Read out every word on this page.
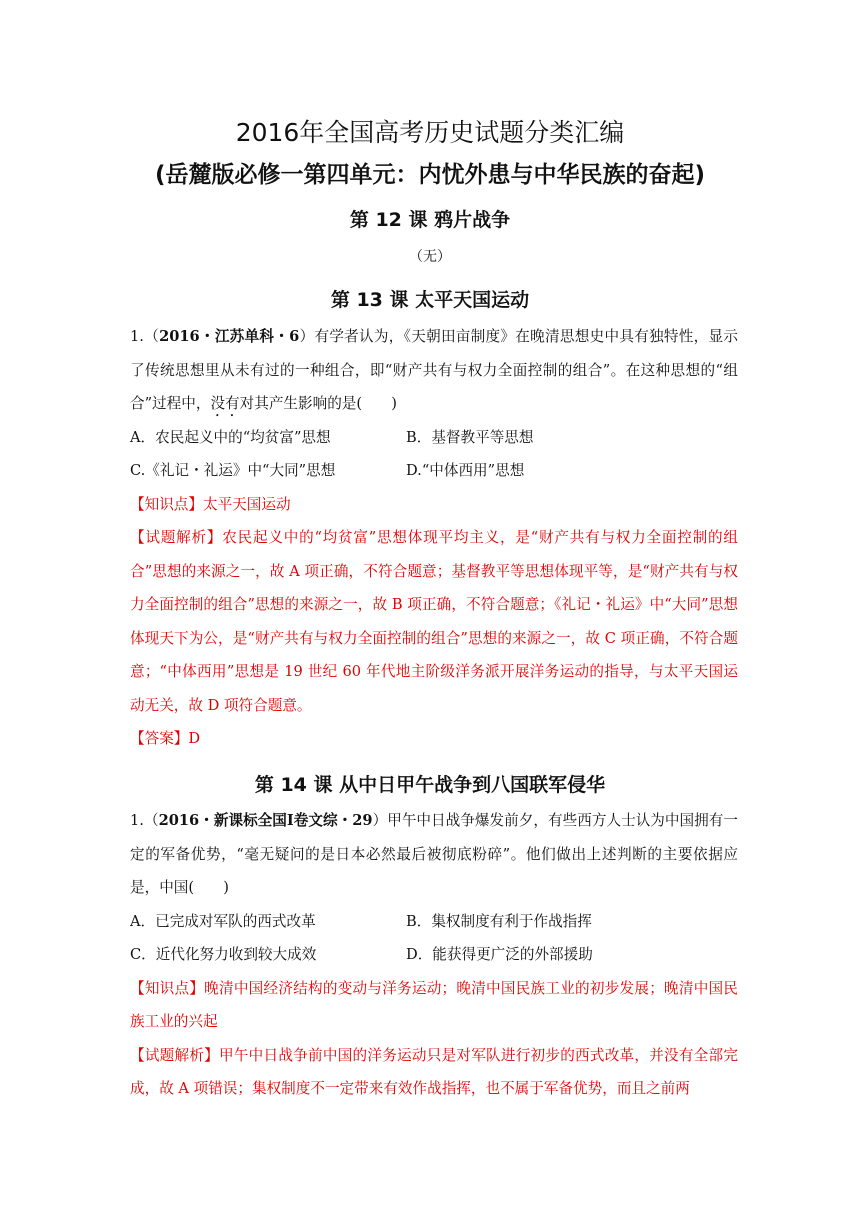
2016年全国高考历史试题分类汇编
(岳麓版必修一第四单元：内忧外患与中华民族的奋起)
第 12 课 鸦片战争
（无）
第 13 课 太平天国运动

1.（2016・江苏单科・6）有学者认为，《天朝田亩制度》在晚清思想史中具有独特性，显示了传统思想里从未有过的一种组合，即“财产共有与权力全面控制的组合”。在这种思想的“组合”过程中，没有对其产生影响的是(　　)

A．农民起义中的“均贫富”思想	B．基督教平等思想
C.《礼记・礼运》中“大同”思想	D.“中体西用”思想

【知识点】太平天国运动

【试题解析】农民起义中的“均贫富”思想体现平均主义，是“财产共有与权力全面控制的组合”思想的来源之一，故 A 项正确，不符合题意；基督教平等思想体现平等，是“财产共有与权力全面控制的组合”思想的来源之一，故 B 项正确，不符合题意；《礼记・礼运》中“大同”思想体现天下为公，是“财产共有与权力全面控制的组合”思想的来源之一，故 C 项正确，不符合题意；“中体西用”思想是 19 世纪 60 年代地主阶级洋务派开展洋务运动的指导，与太平天国运动无关，故 D 项符合题意。

【答案】D

第 14 课 从中日甲午战争到八国联军侵华

1.（2016・新课标全国Ⅰ卷文综・29）甲午中日战争爆发前夕，有些西方人士认为中国拥有一定的军备优势，“毫无疑问的是日本必然最后被彻底粉碎”。他们做出上述判断的主要依据应是，中国(　　)

A．已完成对军队的西式改革	B．集权制度有利于作战指挥
C．近代化努力收到较大成效	D．能获得更广泛的外部援助

【知识点】晚清中国经济结构的变动与洋务运动；晚清中国民族工业的初步发展；晚清中国民族工业的兴起

【试题解析】甲午中日战争前中国的洋务运动只是对军队进行初步的西式改革，并没有全部完成，故 A 项错误；集权制度不一定带来有效作战指挥，也不属于军备优势，而且之前两
